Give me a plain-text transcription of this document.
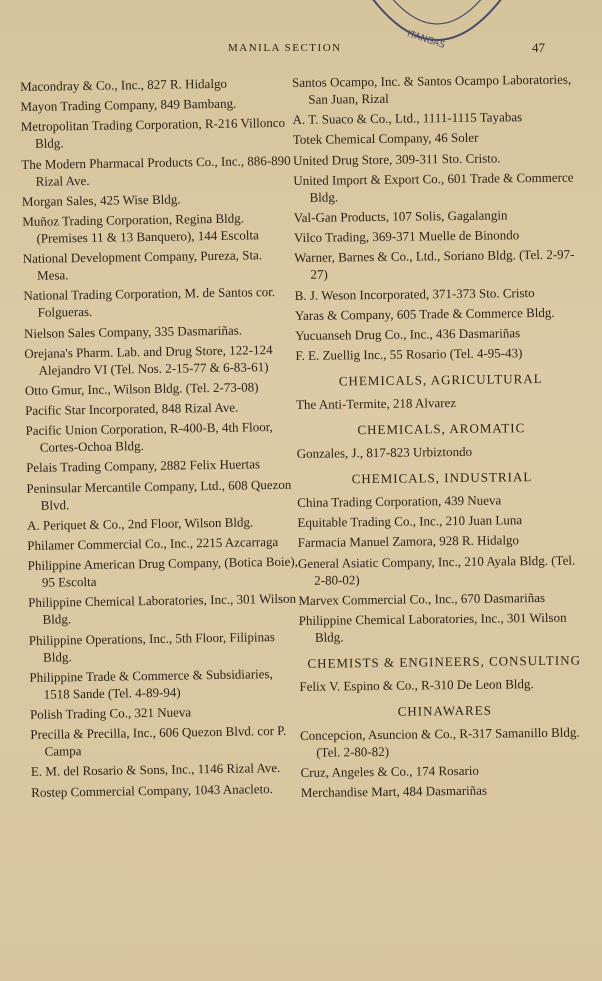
ITANGAS
MANILA SECTION	47

Macondray & Co., Inc., 827 R. Hidalgo

Mayon Trading Company, 849 Bambang.

Metropolitan Trading Corporation, R-216 Villonco Bldg.

The Modern Pharmacal Products Co., Inc., 886-890 Rizal Ave.

Morgan Sales, 425 Wise Bldg.

Muñoz Trading Corporation, Regina Bldg. (Premises 11 & 13 Banquero), 144 Escolta

National Development Company, Pureza, Sta. Mesa.

National Trading Corporation, M. de Santos cor. Folgueras.

Nielson Sales Company, 335 Dasmariñas.

Orejana's Pharm. Lab. and Drug Store, 122-124 Alejandro VI (Tel. Nos. 2-15-77 & 6-83-61)

Otto Gmur, Inc., Wilson Bldg. (Tel. 2-73-08)

Pacific Star Incorporated, 848 Rizal Ave.

Pacific Union Corporation, R-400-B, 4th Floor, Cortes-Ochoa Bldg.

Pelais Trading Company, 2882 Felix Huertas

Peninsular Mercantile Company, Ltd., 608 Quezon Blvd.

A. Periquet & Co., 2nd Floor, Wilson Bldg.

Philamer Commercial Co., Inc., 2215 Azcarraga

Philippine American Drug Company, (Botica Boie), 95 Escolta

Philippine Chemical Laboratories, Inc., 301 Wilson Bldg.

Philippine Operations, Inc., 5th Floor, Filipinas Bldg.

Philippine Trade & Commerce & Subsidiaries, 1518 Sande (Tel. 4-89-94)

Polish Trading Co., 321 Nueva

Precilla & Precilla, Inc., 606 Quezon Blvd. cor P. Campa

E. M. del Rosario & Sons, Inc., 1146 Rizal Ave.

Rostep Commercial Company, 1043 Anacleto.

Santos Ocampo, Inc. & Santos Ocampo Laboratories, San Juan, Rizal

A. T. Suaco & Co., Ltd., 1111-1115 Tayabas

Totek Chemical Company, 46 Soler

United Drug Store, 309-311 Sto. Cristo.

United Import & Export Co., 601 Trade & Commerce Bldg.

Val-Gan Products, 107 Solis, Gagalangin

Vilco Trading, 369-371 Muelle de Binondo

Warner, Barnes & Co., Ltd., Soriano Bldg. (Tel. 2-97-27)

B. J. Weson Incorporated, 371-373 Sto. Cristo

Yaras & Company, 605 Trade & Commerce Bldg.

Yucuanseh Drug Co., Inc., 436 Dasmariñas

F. E. Zuellig Inc., 55 Rosario (Tel. 4-95-43)

CHEMICALS, AGRICULTURAL

The Anti-Termite, 218 Alvarez

CHEMICALS, AROMATIC

Gonzales, J., 817-823 Urbiztondo

CHEMICALS, INDUSTRIAL

China Trading Corporation, 439 Nueva

Equitable Trading Co., Inc., 210 Juan Luna

Farmacia Manuel Zamora, 928 R. Hidalgo

General Asiatic Company, Inc., 210 Ayala Bldg. (Tel. 2-80-02)

Marvex Commercial Co., Inc., 670 Dasmariñas

Philippine Chemical Laboratories, Inc., 301 Wilson Bldg.

CHEMISTS & ENGINEERS, CONSULTING

Felix V. Espino & Co., R-310 De Leon Bldg.

CHINAWARES

Concepcion, Asuncion & Co., R-317 Samanillo Bldg. (Tel. 2-80-82)

Cruz, Angeles & Co., 174 Rosario

Merchandise Mart, 484 Dasmariñas
